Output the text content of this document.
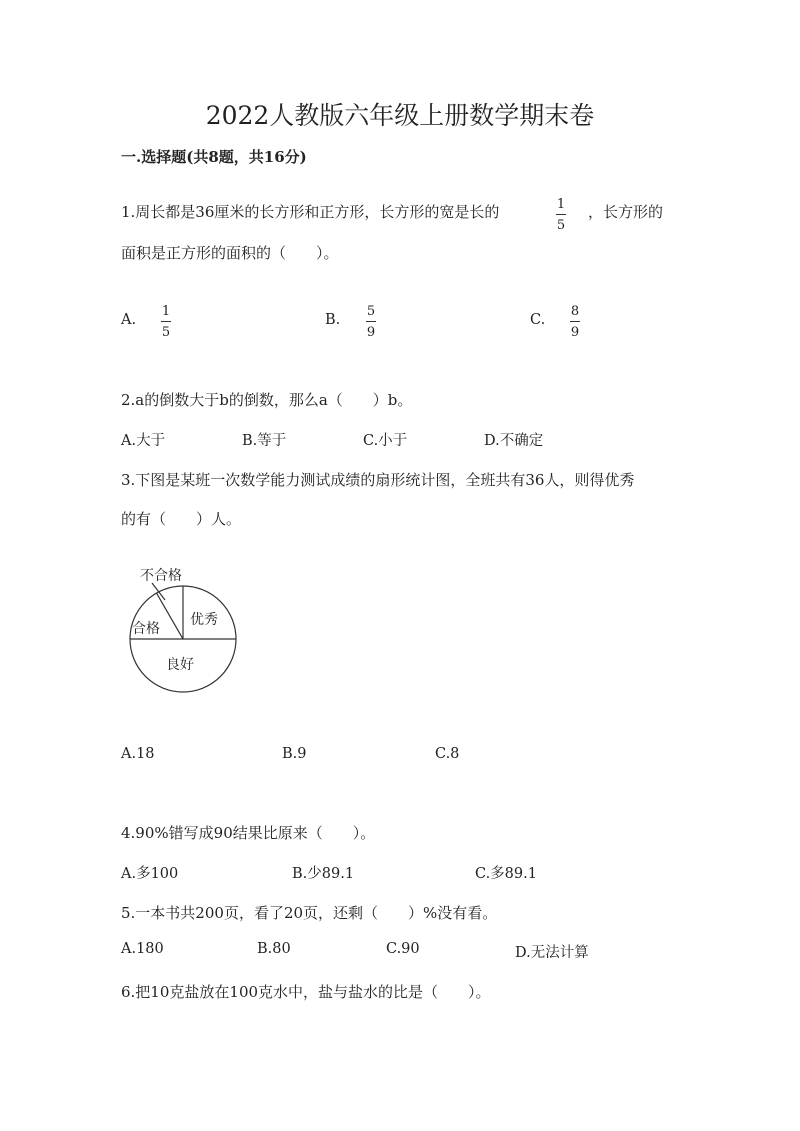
2022人教版六年级上册数学期末卷
一.选择题(共8题，共16分)
1.周长都是36厘米的长方形和正方形，长方形的宽是长的	1
5
，长方形的
面积是正方形的面积的（　　）。
A.
1
5
B.
5
9
C.
8
9
2.a的倒数大于b的倒数，那么a（　　）b。
A.大于	B.等于	C.小于	D.不确定
3.下图是某班一次数学能力测试成绩的扇形统计图，全班共有36人，则得优秀
的有（　　）人。
不合格
合格
良好
优秀
A.18	B.9	C.8
4.90%错写成90结果比原来（　　）。
A.多100	B.少89.1	C.多89.1
5.一本书共200页，看了20页，还剩（　　）%没有看。
A.180	B.80	C.90	D.无法计算
6.把10克盐放在100克水中，盐与盐水的比是（　　）。
